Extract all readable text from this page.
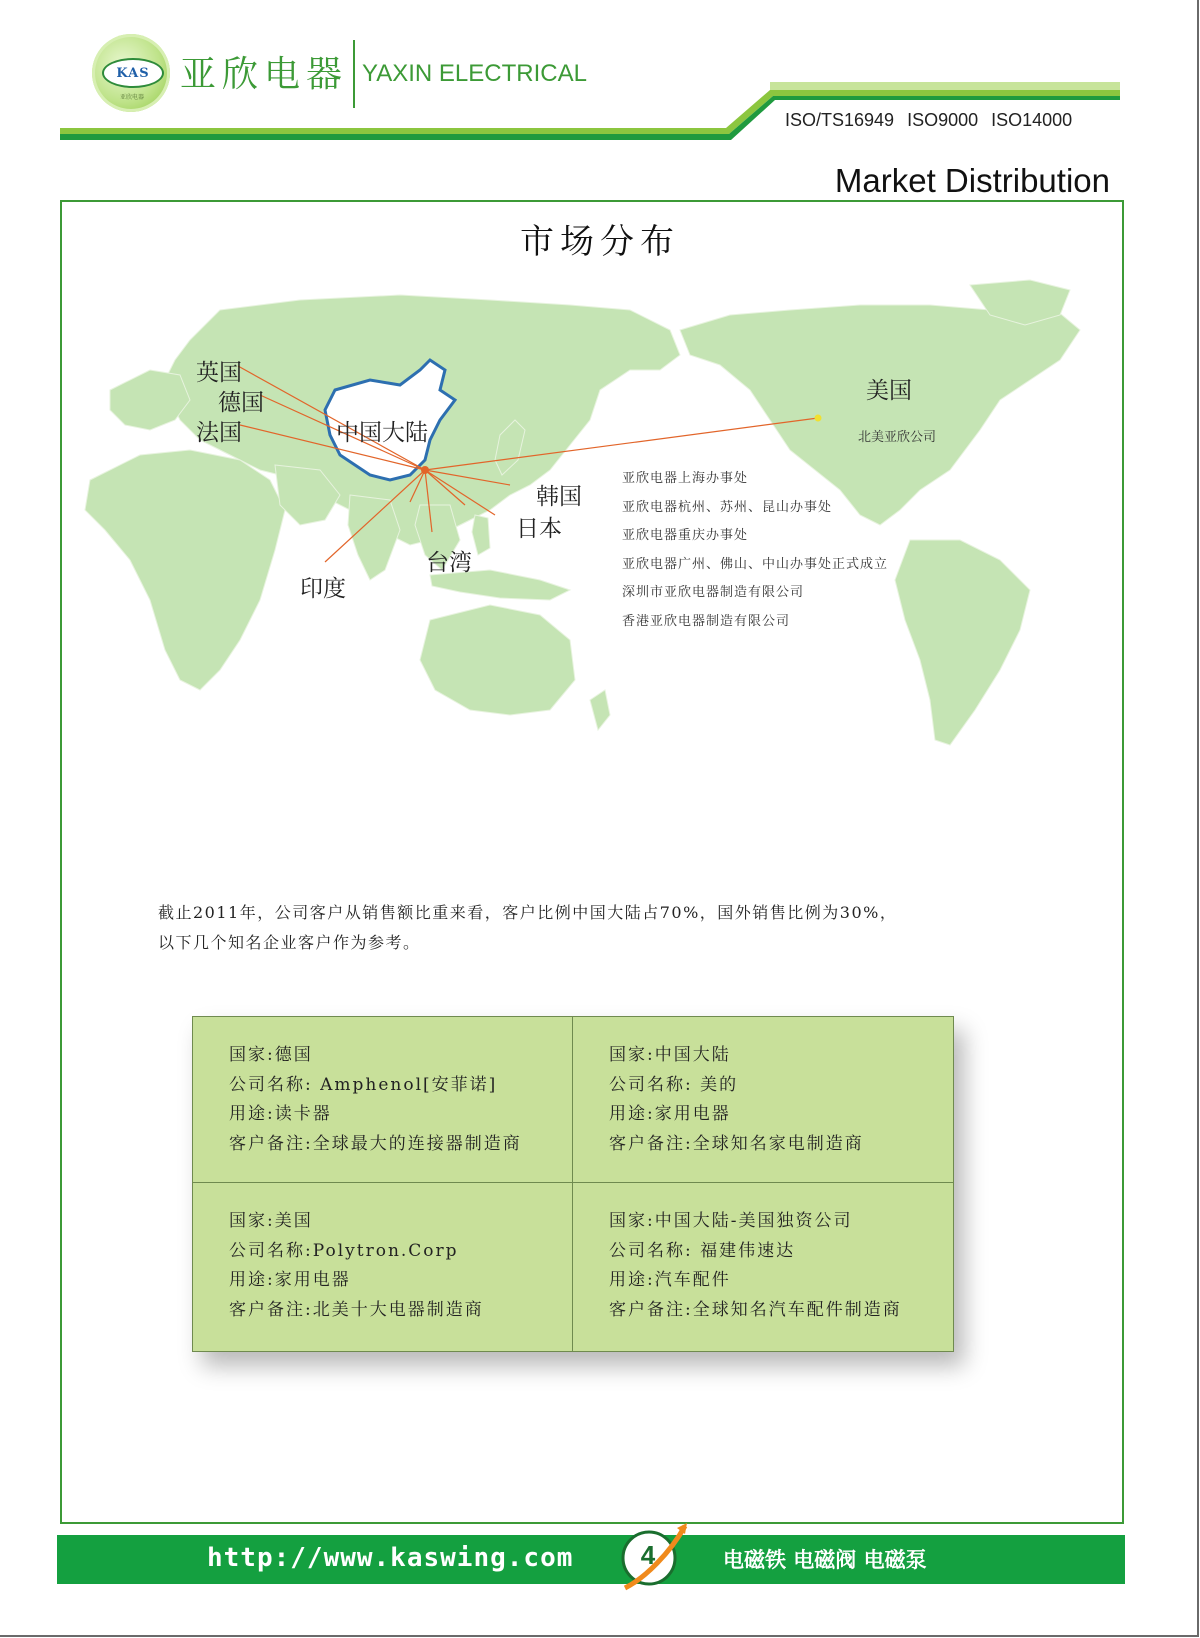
KAS
亚欣电器
亚欣电器 YAXIN ELECTRICAL
ISO/TS16949 ISO9000 ISO14000
Market Distribution
市场分布
英国
德国
法国	中国大陆
韩国
日本
台湾
印度
美国
北美亚欣公司
亚欣电器上海办事处
亚欣电器杭州、苏州、昆山办事处
亚欣电器重庆办事处
亚欣电器广州、佛山、中山办事处正式成立
深圳市亚欣电器制造有限公司
香港亚欣电器制造有限公司
截止2011年，公司客户从销售额比重来看，客户比例中国大陆占70%，国外销售比例为30%，
以下几个知名企业客户作为参考。
国家:德国
公司名称: Amphenol[安菲诺]
用途:读卡器
客户备注:全球最大的连接器制造商
国家:中国大陆
公司名称: 美的
用途:家用电器
客户备注:全球知名家电制造商
国家:美国
公司名称:Polytron.Corp
用途:家用电器
客户备注:北美十大电器制造商
国家:中国大陆-美国独资公司
公司名称: 福建伟速达
用途:汽车配件
客户备注:全球知名汽车配件制造商
http://www.kaswing.com	4	电磁铁 电磁阀 电磁泵
